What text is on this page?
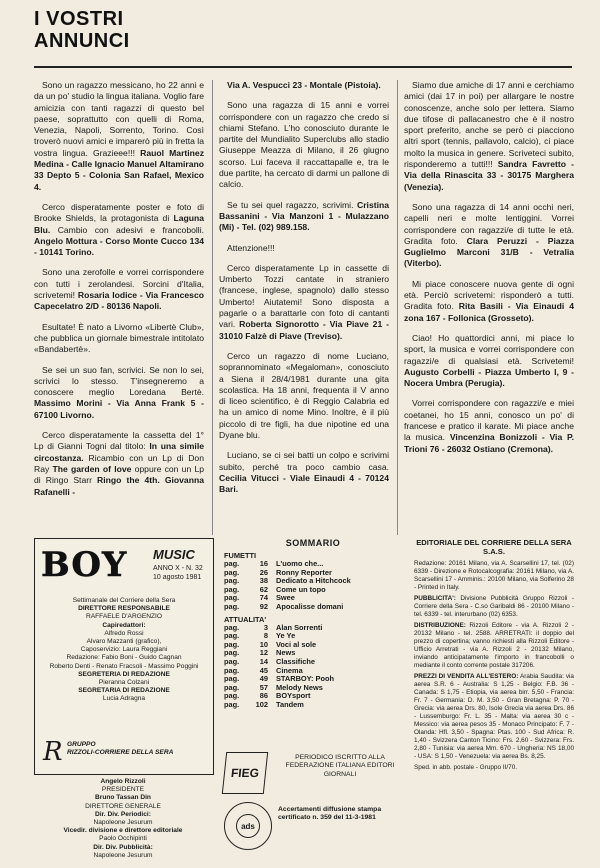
I VOSTRI
ANNUNCI

Sono un ragazzo messicano, ho 22 anni e da un po' studio la lingua italiana. Voglio fare amicizia con tanti ragazzi di questo bel paese, soprattutto con quelli di Roma, Venezia, Napoli, Sorrento, Torino. Così troverò nuovi amici e imparerò più in fretta la vostra lingua. Grazieee!!! Rauol Martinez Medina - Calle Ignacio Manuel Altamirano 33 Depto 5 - Colonia San Rafael, Mexico 4.

Cerco disperatamente poster e foto di Brooke Shields, la protagonista di Laguna Blu. Cambio con adesivi e francobolli. Angelo Mottura - Corso Monte Cucco 134 - 10141 Torino.

Sono una zerofolle e vorrei corrispondere con tutti i zerolandesi. Sorcini d'Italia, scrivetemi! Rosaria Iodice - Via Francesco Capecelatro 2/D - 80136 Napoli.

Esultate! È nato a Livorno «Libertè Club», che pubblica un giornale bimestrale intitolato «Bandabertè».

Se sei un suo fan, scrivici. Se non lo sei, scrivici lo stesso. T'insegneremo a conoscere meglio Loredana Bertè. Massimo Morini - Via Anna Frank 5 - 67100 Livorno.

Cerco disperatamente la cassetta del 1° Lp di Gianni Togni dal titolo: In una simile circostanza. Ricambio con un Lp di Don Ray The garden of love oppure con un Lp di Ringo Starr Ringo the 4th. Giovanna Rafanelli -

Via A. Vespucci 23 - Montale (Pistoia).

Sono una ragazza di 15 anni e vorrei corrispondere con un ragazzo che credo si chiami Stefano. L'ho conosciuto durante le partite del Mundialito Superclubs allo stadio Giuseppe Meazza di Milano, il 26 giugno scorso. Lui faceva il raccattapalle e, tra le due partite, ha cercato di darmi un pallone di calcio.

Se tu sei quel ragazzo, scrivimi. Cristina Bassanini - Via Manzoni 1 - Mulazzano (Mi) - Tel. (02) 989.158.

Attenzione!!!

Cerco disperatamente Lp in cassette di Umberto Tozzi cantate in straniero (francese, inglese, spagnolo) dallo stesso Umberto! Aiutatemi! Sono disposta a pagarle o a barattarle con foto di cantanti vari. Roberta Signorotto - Via Piave 21 - 31010 Falzè di Piave (Treviso).

Cerco un ragazzo di nome Luciano, soprannominato «Megaloman», conosciuto a Siena il 28/4/1981 durante una gita scolastica. Ha 18 anni, frequenta il V anno di liceo scientifico, è di Reggio Calabria ed ha un amico di nome Mino. Inoltre, è il più piccolo di tre figli, ha due nipotine ed una Dyane blu.

Luciano, se ci sei batti un colpo e scrivimi subito, perché tra poco cambio casa. Cecilia Vitucci - Viale Einaudi 4 - 70124 Bari.

Siamo due amiche di 17 anni e cerchiamo amici (dai 17 in poi) per allargare le nostre conoscenze, anche solo per lettera. Siamo due tifose di pallacanestro che è il nostro sport preferito, anche se però ci piacciono altri sport (tennis, pallavolo, calcio), ci piace molto la musica in genere. Scriveteci subito, risponderemo a tutti!!! Sandra Favretto - Via della Rinascita 33 - 30175 Marghera (Venezia).

Sono una ragazza di 14 anni occhi neri, capelli neri e molte lentiggini. Vorrei corrispondere con ragazzi/e di tutte le età. Gradita foto. Clara Peruzzi - Piazza Guglielmo Marconi 31/B - Vetralia (Viterbo).

Mi piace conoscere nuova gente di ogni età. Perciò scrivetemi: risponderò a tutti. Gradita foto. Rita Basili - Via Einaudi 4 zona 167 - Follonica (Grosseto).

Ciao! Ho quattordici anni, mi piace lo sport, la musica e vorrei corrispondere con ragazzi/e di qualsiasi età. Scrivetemi! Augusto Corbelli - Piazza Umberto I, 9 - Nocera Umbra (Perugia).

Vorrei corrispondere con ragazzi/e e miei coetanei, ho 15 anni, conosco un po' di francese e pratico il karate. Mi piace anche la musica. Vincenzina Bonizzoli - Via P. Trioni 76 - 26032 Ostiano (Cremona).

BOY MUSIC
ANNO X - N. 32
10 agosto 1981
Settimanale del Corriere della Sera
DIRETTORE RESPONSABILE
RAFFAELE D'ARGENZIO
Capiredattori:
Alfredo Rossi
Alvaro Mazzanti (grafico),
Caposervizio: Laura Reggiani
Redazione: Fabio Boni - Guido Cagnan
Roberto Denti - Renato Fracsoli - Massimo Poggini
SEGRETERIA DI REDAZIONE
Pieranna Colzani
SEGRETARIA DI REDAZIONE
Lucia Adragna
R GRUPPO
RIZZOLI-CORRIERE DELLA SERA
Angelo Rizzoli
PRESIDENTE
Bruno Tassan Din
DIRETTORE GENERALE
Dir. Div. Periodici:
Napoleone Jesurum
Vicedir. divisione e direttore editoriale
Paolo Occhipinti
Dir. Div. Pubblicità:
Napoleone Jesurum
SOMMARIO
FUMETTI
pag.	16	L'uomo che...
pag.	26	Ronny Reporter
pag.	38	Dedicato a Hitchcock
pag.	62	Come un topo
pag.	74	Swee
pag.	92	Apocalisse domani
ATTUALITA'
pag.	3	Alan Sorrenti
pag.	8	Ye Ye
pag.	10	Voci al sole
pag.	12	News
pag.	14	Classifiche
pag.	45	Cinema
pag.	49	STARBOY: Pooh
pag.	57	Melody News
pag.	86	BOYsport
pag.	102	Tandem
FIEG
PERIODICO ISCRITTO ALLA FEDERAZIONE ITALIANA EDITORI GIORNALI
ads
Accertamenti diffusione stampa certificato n. 359 del 11-3-1981
EDITORIALE DEL CORRIERE DELLA SERA S.A.S.

Redazione: 20161 Milano, via A. Scarsellini 17, tel. (02) 6339 - Direzione e Rotocalcografia: 20161 Milano, via A. Scarsellini 17 - Amminis.: 20100 Milano, via Solferino 28 - Printed in Italy.

PUBBLICITA': Divisione Pubblicità Gruppo Rizzoli - Corriere della Sera - C.so Garibaldi 86 - 20100 Milano - tel. 6339 - tel. interurbano (02) 6353.

DISTRIBUZIONE: Rizzoli Editore - via A. Rizzoli 2 - 20132 Milano - tel. 2588. ARRETRATI: il doppio del prezzo di copertina; vanno richiesti alla Rizzoli Editore - Ufficio Arretrati - via A. Rizzoli 2 - 20132 Milano, inviando anticipatamente l'importo in francobolli o mediante il conto corrente postale 317206.

PREZZI DI VENDITA ALL'ESTERO: Arabia Saudita: via aerea S.R. 6 - Australia: S 1,25 - Belgio: F.B. 36 - Canada: S 1,75 - Etiopia, via aerea birr. 5,50 - Francia: Fr. 7 - Germania: D. M. 3,50 - Gran Bretagna: P. 70 - Grecia: via aerea Drs. 80, Isole Grecia via aerea Drs. 86 - Lussemburgo: Fr. L. 35 - Malta: via aerea 30 c - Messico: via aerea pesos 35 - Monaco Principato: F. 7 - Olanda: Hfl. 3,50 - Spagna: Ptas. 100 - Sud Africa: R. 1,40 - Svizzera Canton Ticino: Frs. 2,60 - Svizzera: Frs. 2,80 - Tunisia: via aerea Mm. 670 - Ungheria: NS 18,00 - USA: S 1,50 - Venezuela: via aerea Bs. 8,25.

Sped. in abb. postale - Gruppo II/70.
